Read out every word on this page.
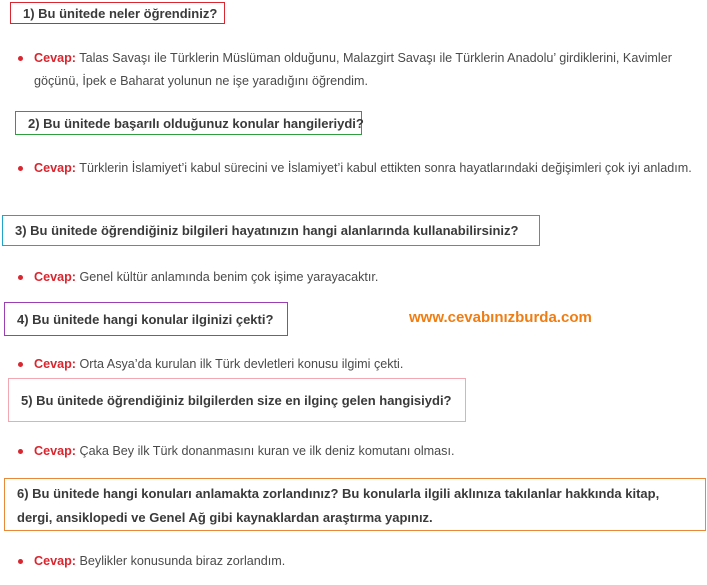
1) Bu ünitede neler öğrendiniz?
Cevap: Talas Savaşı ile Türklerin Müslüman olduğunu, Malazgirt Savaşı ile Türklerin Anadolu’ girdiklerini, Kavimler göçünü, İpek e Baharat yolunun ne işe yaradığını öğrendim.
2) Bu ünitede başarılı olduğunuz konular hangileriydi?
Cevap: Türklerin İslamiyet’i kabul sürecini ve İslamiyet’i kabul ettikten sonra hayatlarındaki değişimleri çok iyi anladım.
3) Bu ünitede öğrendiğiniz bilgileri hayatınızın hangi alanlarında kullanabilirsiniz?
Cevap: Genel kültür anlamında benim çok işime yarayacaktır.
4) Bu ünitede hangi konular ilginizi çekti?	www.cevabınızburda.com
Cevap: Orta Asya’da kurulan ilk Türk devletleri konusu ilgimi çekti.
5) Bu ünitede öğrendiğiniz bilgilerden size en ilginç gelen hangisiydi?
Cevap: Çaka Bey ilk Türk donanmasını kuran ve ilk deniz komutanı olması.
6) Bu ünitede hangi konuları anlamakta zorlandınız? Bu konularla ilgili aklınıza takılanlar hakkında kitap, dergi, ansiklopedi ve Genel Ağ gibi kaynaklardan araştırma yapınız.
Cevap: Beylikler konusunda biraz zorlandım.
